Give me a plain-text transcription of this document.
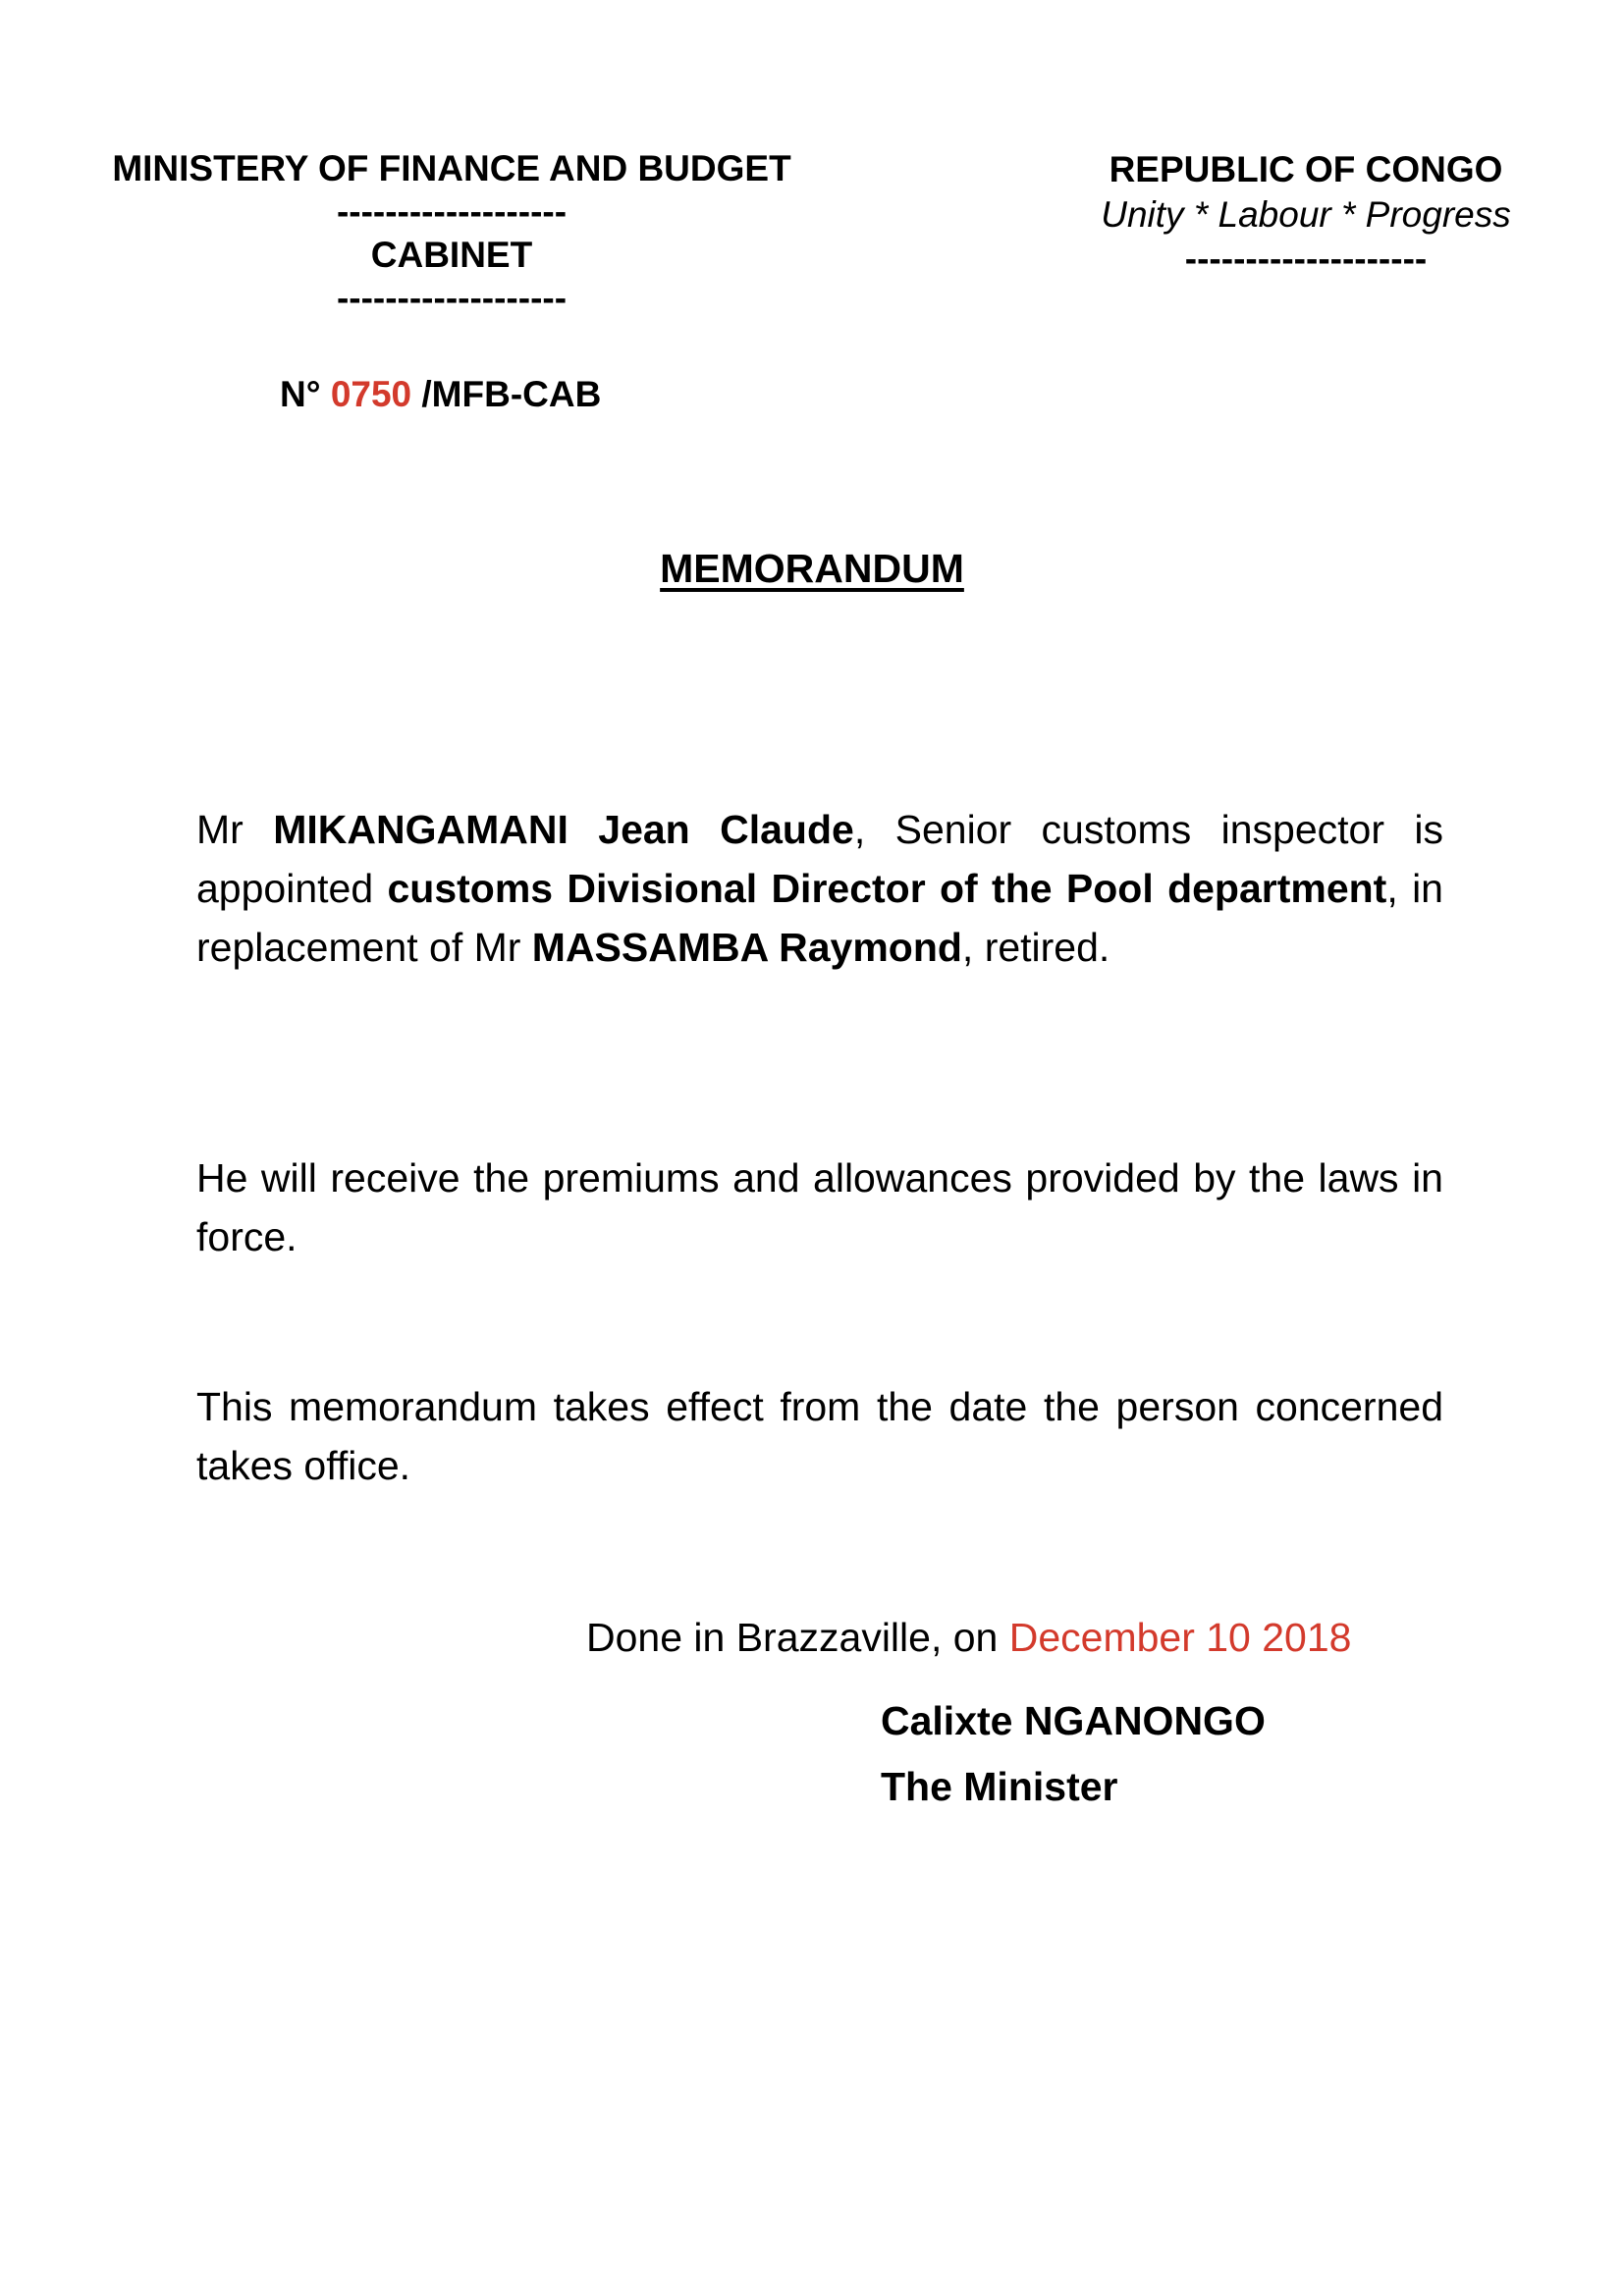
MINISTERY OF FINANCE AND BUDGET
-------------------
CABINET
-------------------
REPUBLIC OF CONGO
Unity * Labour * Progress
--------------------
N° 0750 /MFB-CAB
MEMORANDUM
Mr MIKANGAMANI Jean Claude, Senior customs inspector is appointed customs Divisional Director of the Pool department, in replacement of Mr MASSAMBA Raymond, retired.
He will receive the premiums and allowances provided by the laws in force.
This memorandum takes effect from the date the person concerned takes office.
Done in Brazzaville, on December 10 2018
Calixte NGANONGO
The Minister
